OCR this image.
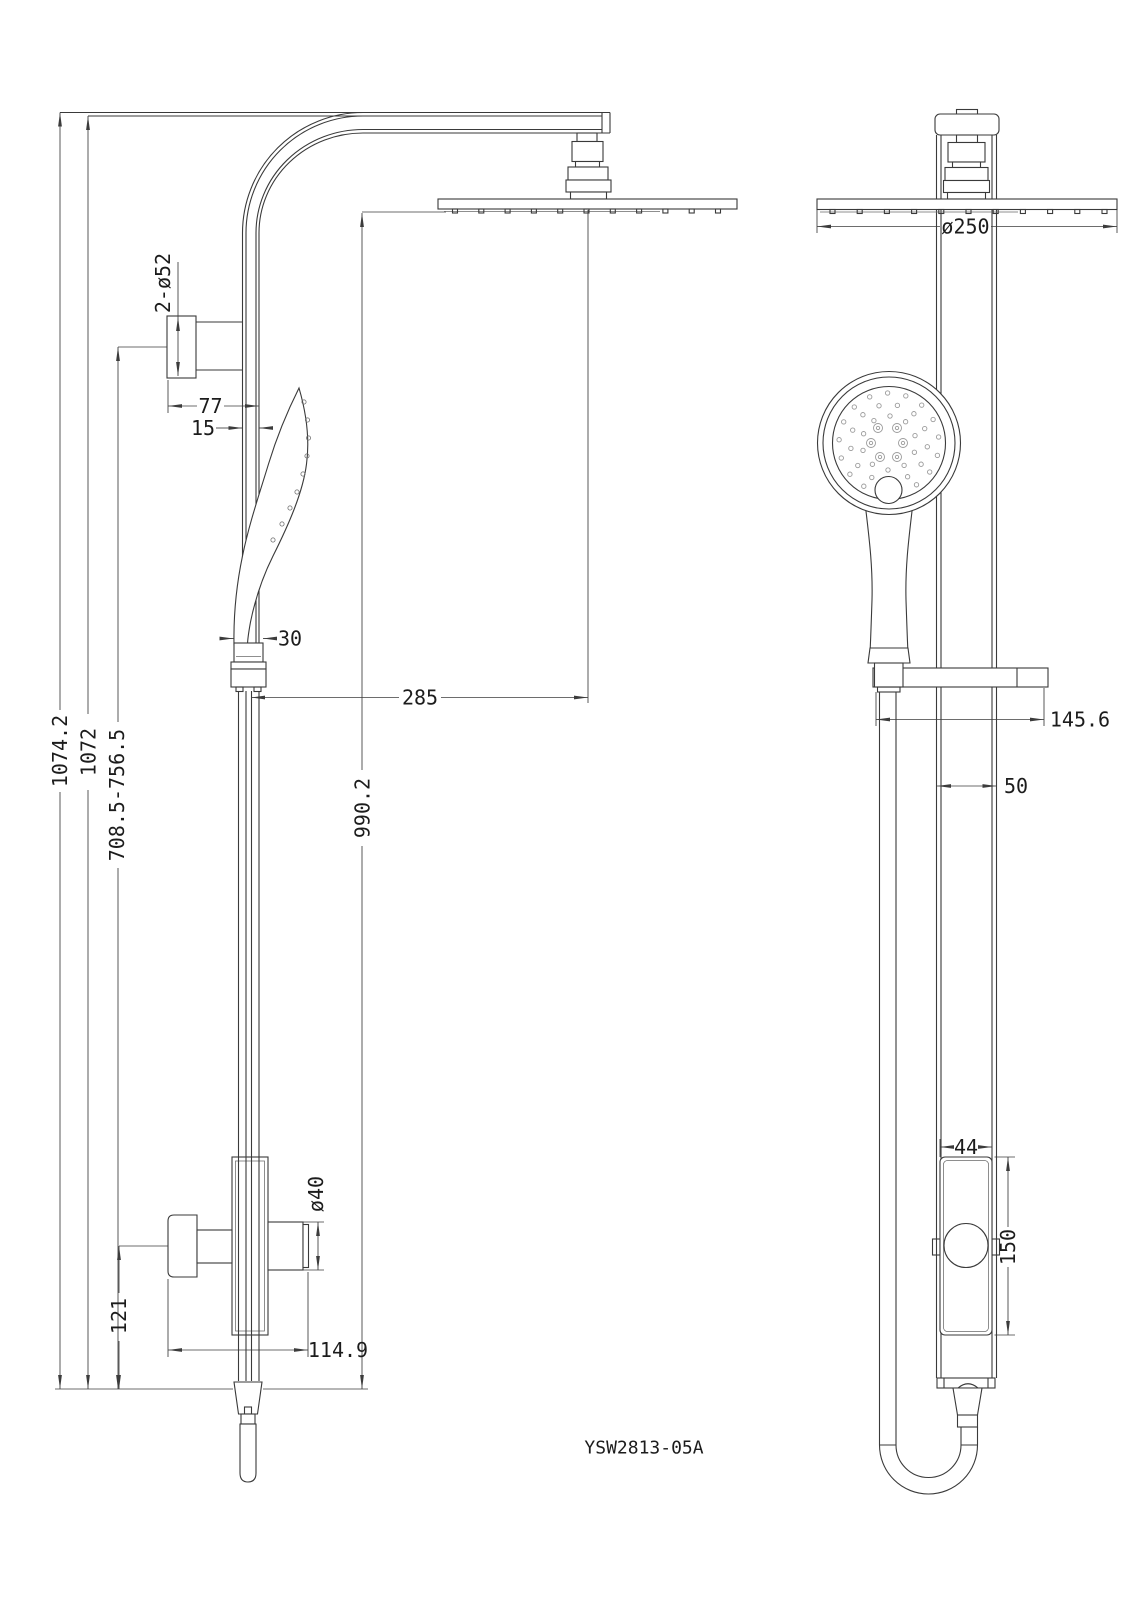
1074.2 1072 708.5-756.5	990.2
2-ø52
77
15
30
285
ø250
145.6
50
44
150
ø40
121
114.9
YSW2813-05A
